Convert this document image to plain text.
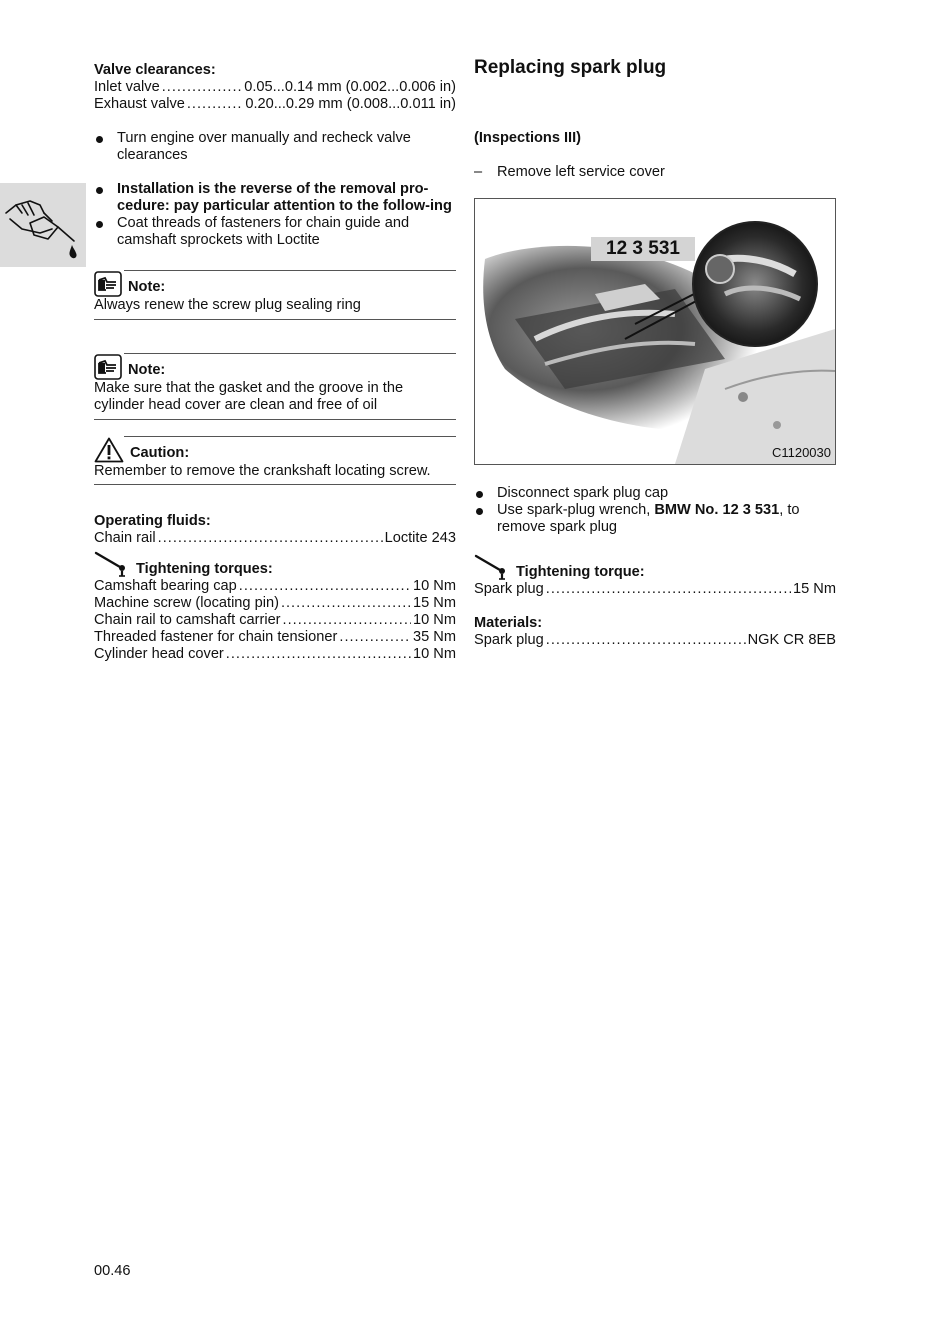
Valve clearances:
Inlet valve .....	0.05...0.14 mm (0.002...0.006 in)
Exhaust valve .....	0.20...0.29 mm (0.008...0.011 in)
Turn engine over manually and recheck valve clearances
Installation is the reverse of the removal pro-cedure: pay particular attention to the follow-ing
Coat threads of fasteners for chain guide and camshaft sprockets with Loctite
Note:
Always renew the screw plug sealing ring
Note:
Make sure that the gasket and the groove in the cylinder head cover are clean and free of oil
Caution:
Remember to remove the crankshaft locating screw.
Operating fluids:
Chain rail .....	Loctite 243
Tightening torques:
Camshaft bearing cap .....	10 Nm
Machine screw (locating pin) .....	15 Nm
Chain rail to camshaft carrier .....	10 Nm
Threaded fastener for chain tensioner .....	35 Nm
Cylinder head cover .....	10 Nm
Replacing spark plug
(Inspections III)
– Remove left service cover
12 3 531
C1120030
Disconnect spark plug cap
Use spark-plug wrench, BMW No. 12 3 531, to remove spark plug
Tightening torque:
Spark plug .....	15 Nm
Materials:
Spark plug .....	NGK CR 8EB
00.46
